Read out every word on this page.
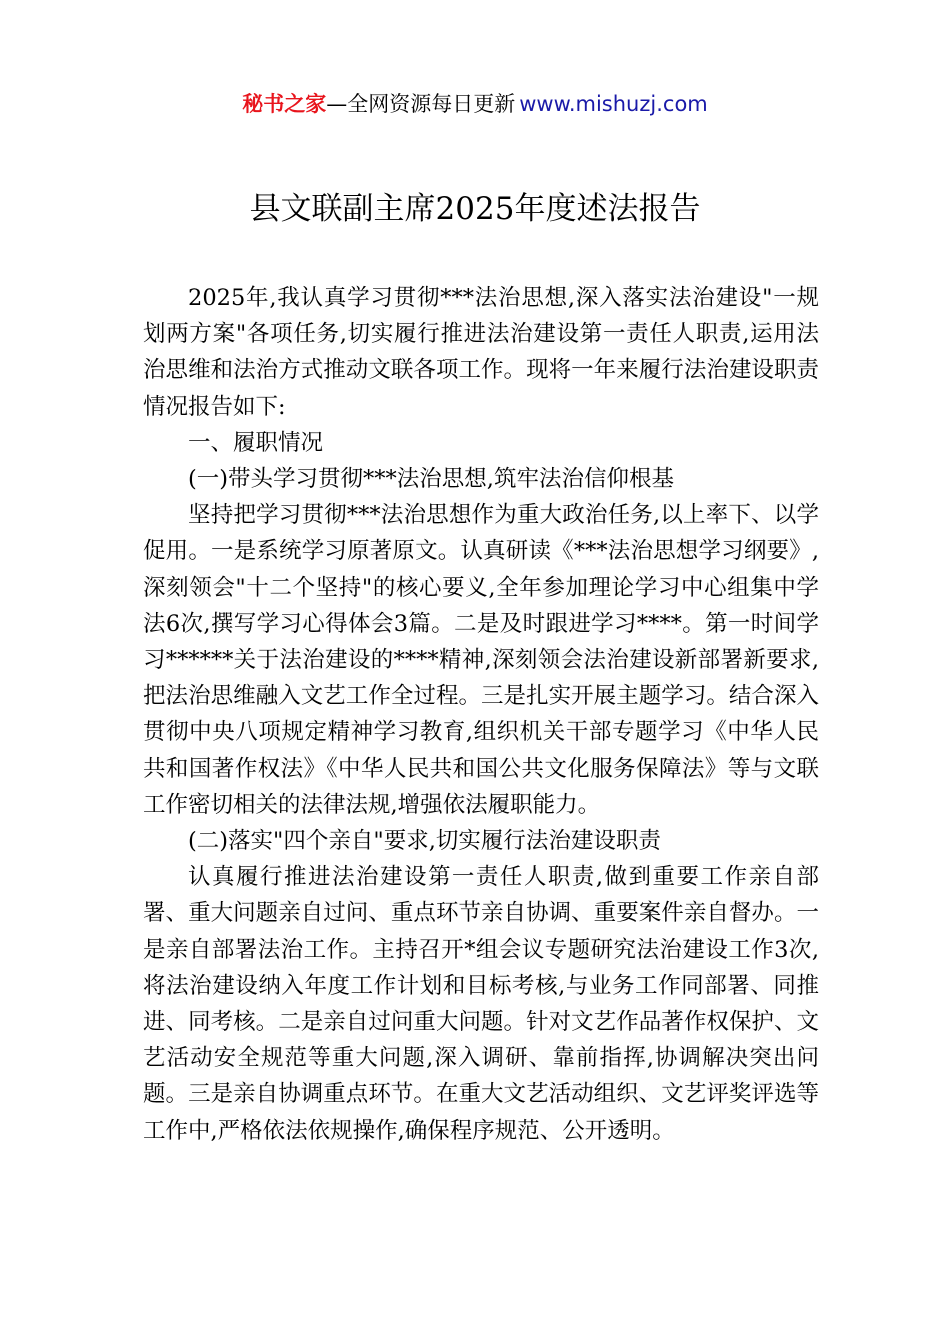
秘书之家—全网资源每日更新 www.mishuzj.com
县文联副主席2025年度述法报告

2025年,我认真学习贯彻***法治思想,深入落实法治建设"一规划两方案"各项任务,切实履行推进法治建设第一责任人职责,运用法治思维和法治方式推动文联各项工作。现将一年来履行法治建设职责情况报告如下:

一、履职情况

(一)带头学习贯彻***法治思想,筑牢法治信仰根基

坚持把学习贯彻***法治思想作为重大政治任务,以上率下、以学促用。一是系统学习原著原文。认真研读《***法治思想学习纲要》,深刻领会"十二个坚持"的核心要义,全年参加理论学习中心组集中学法6次,撰写学习心得体会3篇。二是及时跟进学习****。第一时间学习******关于法治建设的****精神,深刻领会法治建设新部署新要求,把法治思维融入文艺工作全过程。三是扎实开展主题学习。结合深入贯彻中央八项规定精神学习教育,组织机关干部专题学习《中华人民共和国著作权法》《中华人民共和国公共文化服务保障法》等与文联工作密切相关的法律法规,增强依法履职能力。

(二)落实"四个亲自"要求,切实履行法治建设职责

认真履行推进法治建设第一责任人职责,做到重要工作亲自部署、重大问题亲自过问、重点环节亲自协调、重要案件亲自督办。一是亲自部署法治工作。主持召开*组会议专题研究法治建设工作3次,将法治建设纳入年度工作计划和目标考核,与业务工作同部署、同推进、同考核。二是亲自过问重大问题。针对文艺作品著作权保护、文艺活动安全规范等重大问题,深入调研、靠前指挥,协调解决突出问题。三是亲自协调重点环节。在重大文艺活动组织、文艺评奖评选等工作中,严格依法依规操作,确保程序规范、公开透明。
